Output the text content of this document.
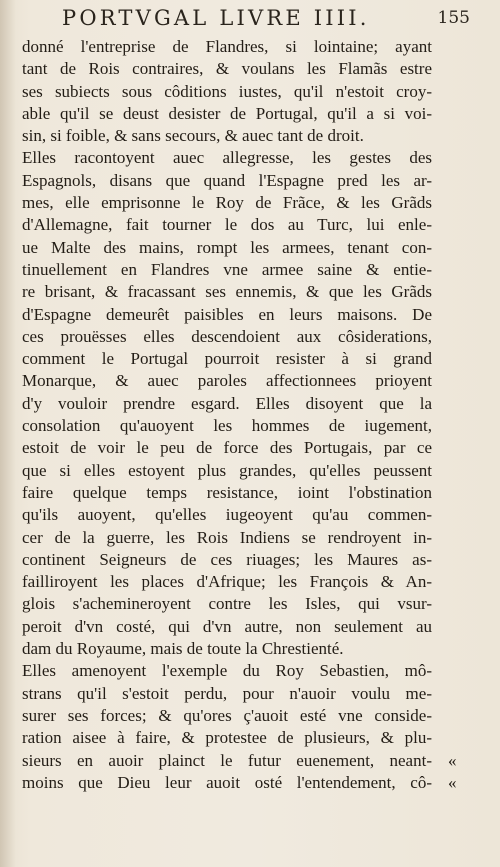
PORTVGAL LIVRE IIII.	155
donné l'entreprise de Flandres, si lointaine; ayant
tant de Rois contraires, & voulans les Flamãs estre
ses subiects sous côditions iustes, qu'il n'estoit croy-
able qu'il se deust desister de Portugal, qu'il a si voi-
sin, si foible, & sans secours, & auec tant de droit.
Elles racontoyent auec allegresse, les gestes des
Espagnols, disans que quand l'Espagne pred les ar-
mes, elle emprisonne le Roy de Frãce, & les Grãds
d'Allemagne, fait tourner le dos au Turc, lui enle-
ue Malte des mains, rompt les armees, tenant con-
tinuellement en Flandres vne armee saine & entie-
re brisant, & fracassant ses ennemis, & que les Grãds
d'Espagne demeurêt paisibles en leurs maisons. De
ces prouësses elles descendoient aux côsiderations,
comment le Portugal pourroit resister à si grand
Monarque, & auec paroles affectionnees prioyent
d'y vouloir prendre esgard. Elles disoyent que la
consolation qu'auoyent les hommes de iugement,
estoit de voir le peu de force des Portugais, par ce
que si elles estoyent plus grandes, qu'elles peussent
faire quelque temps resistance, ioint l'obstination
qu'ils auoyent, qu'elles iugeoyent qu'au commen-
cer de la guerre, les Rois Indiens se rendroyent in-
continent Seigneurs de ces riuages; les Maures as-
failliroyent les places d'Afrique; les François & An-
glois s'achemineroyent contre les Isles, qui vsur-
peroit d'vn costé, qui d'vn autre, non seulement au
dam du Royaume, mais de toute la Chrestienté.
Elles amenoyent l'exemple du Roy Sebastien, mô-
strans qu'il s'estoit perdu, pour n'auoir voulu me-
surer ses forces; & qu'ores ç'auoit esté vne conside-
ration aisee à faire, & protestee de plusieurs, & plu-
sieurs en auoir plainct le futur euenement, neant-
moins que Dieu leur auoit osté l'entendement, cô-
«
«
